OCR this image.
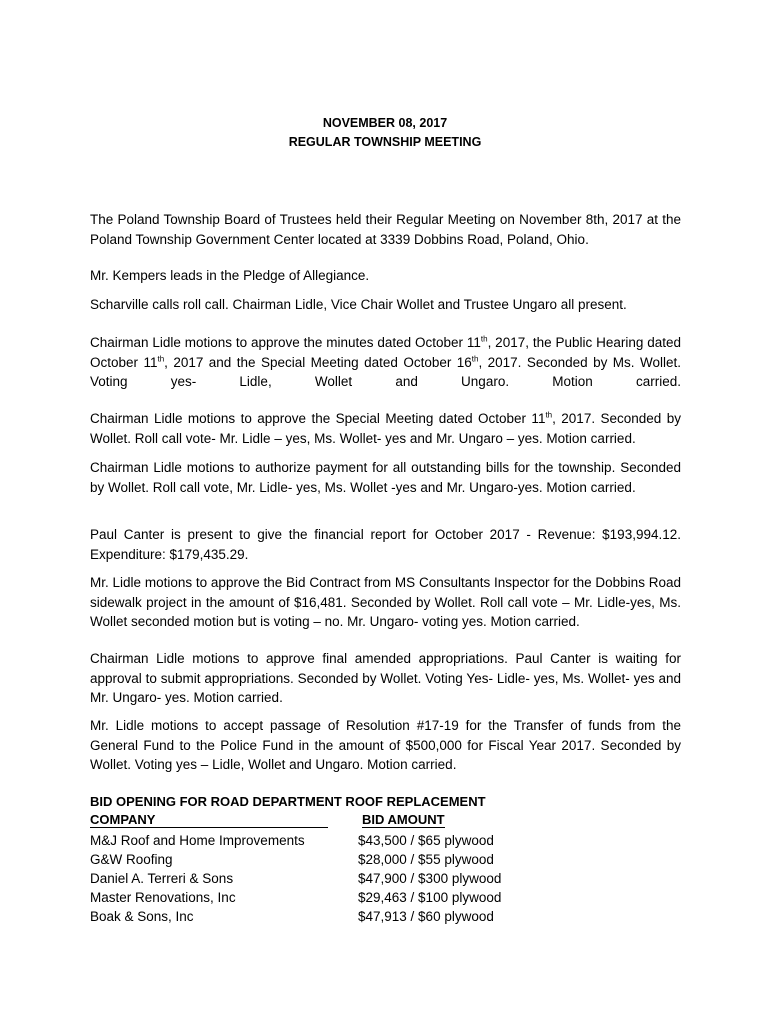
NOVEMBER 08, 2017
REGULAR TOWNSHIP MEETING

The Poland Township Board of Trustees held their Regular Meeting on November 8th, 2017 at the Poland Township Government Center located at 3339 Dobbins Road, Poland, Ohio.

Mr. Kempers leads in the Pledge of Allegiance.

Scharville calls roll call. Chairman Lidle, Vice Chair Wollet and Trustee Ungaro all present.

Chairman Lidle motions to approve the minutes dated October 11th, 2017, the Public Hearing dated October 11th, 2017 and the Special Meeting dated October 16th, 2017. Seconded by Ms. Wollet. Voting yes- Lidle, Wollet and Ungaro. Motion carried.

Chairman Lidle motions to approve the Special Meeting dated October 11th, 2017. Seconded by Wollet. Roll call vote- Mr. Lidle – yes, Ms. Wollet- yes and Mr. Ungaro – yes. Motion carried.

Chairman Lidle motions to authorize payment for all outstanding bills for the township. Seconded by Wollet. Roll call vote, Mr. Lidle- yes, Ms. Wollet -yes and Mr. Ungaro-yes. Motion carried.

Paul Canter is present to give the financial report for October 2017 - Revenue: $193,994.12. Expenditure: $179,435.29.

Mr. Lidle motions to approve the Bid Contract from MS Consultants Inspector for the Dobbins Road sidewalk project in the amount of $16,481. Seconded by Wollet. Roll call vote – Mr. Lidle-yes, Ms. Wollet seconded motion but is voting – no. Mr. Ungaro- voting yes. Motion carried.

Chairman Lidle motions to approve final amended appropriations. Paul Canter is waiting for approval to submit appropriations. Seconded by Wollet. Voting Yes- Lidle- yes, Ms. Wollet- yes and Mr. Ungaro- yes. Motion carried.

Mr. Lidle motions to accept passage of Resolution #17-19 for the Transfer of funds from the General Fund to the Police Fund in the amount of $500,000 for Fiscal Year 2017. Seconded by Wollet. Voting yes – Lidle, Wollet and Ungaro. Motion carried.

BID OPENING FOR ROAD DEPARTMENT ROOF REPLACEMENT
COMPANY	BID AMOUNT
M&J Roof and Home Improvements	$43,500 / $65 plywood
G&W Roofing	$28,000 / $55 plywood
Daniel A. Terreri & Sons	$47,900 / $300 plywood
Master Renovations, Inc	$29,463 / $100 plywood
Boak & Sons, Inc	$47,913 / $60 plywood
